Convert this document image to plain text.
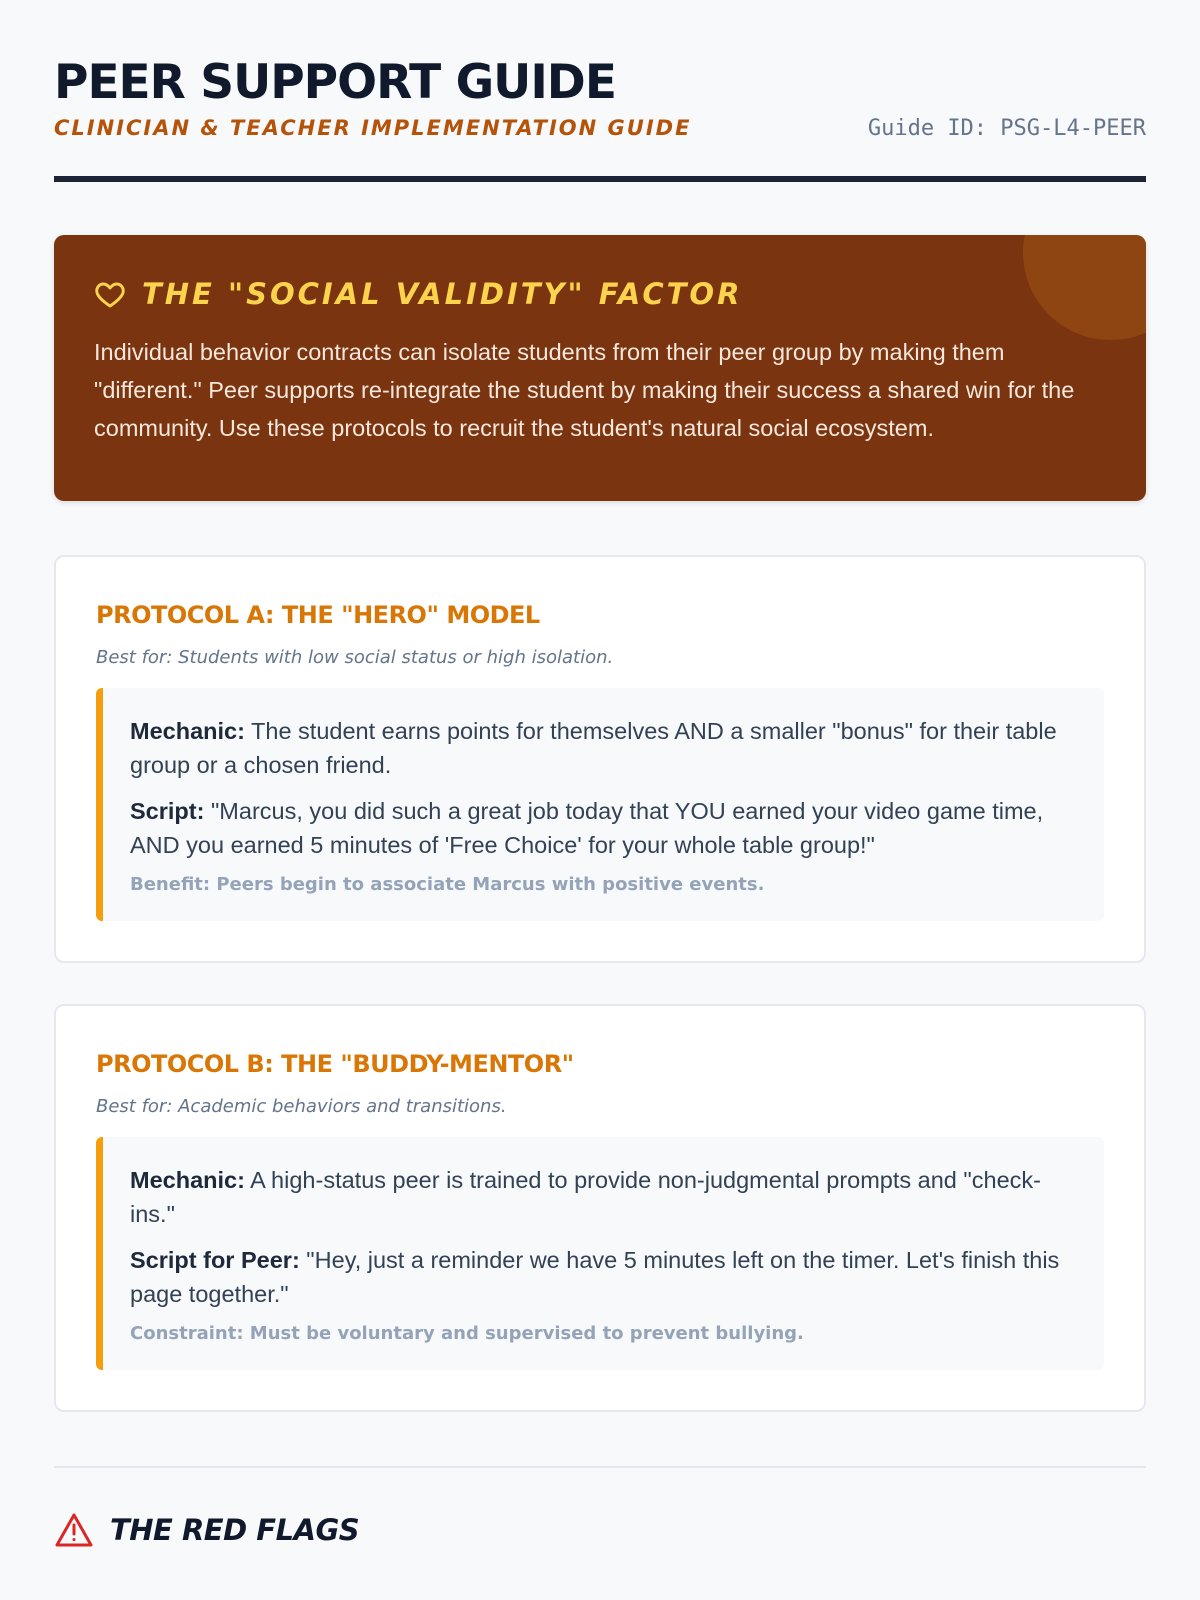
PEER SUPPORT GUIDE
CLINICIAN & TEACHER IMPLEMENTATION GUIDE	Guide ID: PSG-L4-PEER
THE "SOCIAL VALIDITY" FACTOR
Individual behavior contracts can isolate students from their peer group by making them "different." Peer supports re-integrate the student by making their success a shared win for the community. Use these protocols to recruit the student's natural social ecosystem.
PROTOCOL A: THE "HERO" MODEL
Best for: Students with low social status or high isolation.
Mechanic: The student earns points for themselves AND a smaller "bonus" for their table group or a chosen friend.
Script: "Marcus, you did such a great job today that YOU earned your video game time, AND you earned 5 minutes of 'Free Choice' for your whole table group!"
Benefit: Peers begin to associate Marcus with positive events.
PROTOCOL B: THE "BUDDY-MENTOR"
Best for: Academic behaviors and transitions.
Mechanic: A high-status peer is trained to provide non-judgmental prompts and "check-ins."
Script for Peer: "Hey, just a reminder we have 5 minutes left on the timer. Let's finish this page together."
Constraint: Must be voluntary and supervised to prevent bullying.
THE RED FLAGS
